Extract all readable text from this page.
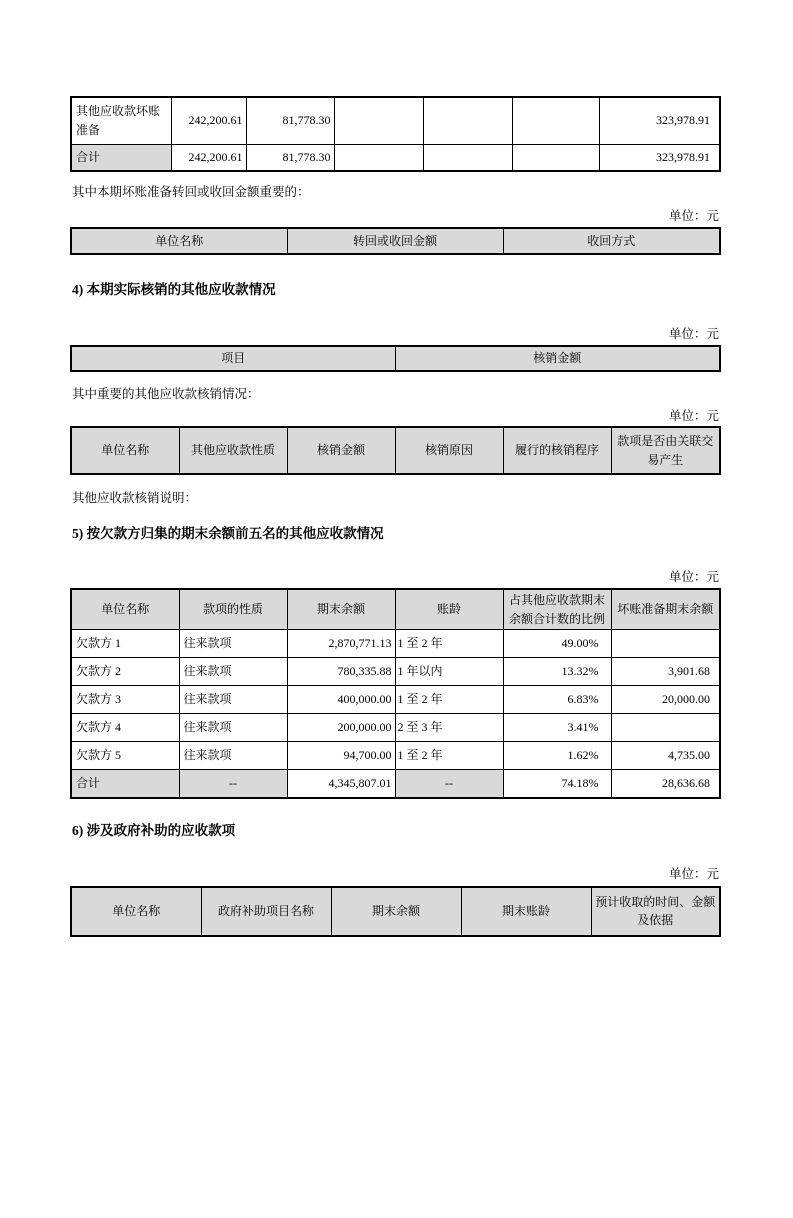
其他应收款坏账准备	242,200.61	81,778.30				323,978.91
合计	242,200.61	81,778.30				323,978.91

其中本期坏账准备转回或收回金额重要的：

单位：元

单位名称	转回或收回金额	收回方式

4) 本期实际核销的其他应收款情况

单位：元

项目	核销金额

其中重要的其他应收款核销情况：

单位：元

单位名称	其他应收款性质	核销金额	核销原因	履行的核销程序	款项是否由关联交易产生

其他应收款核销说明：

5) 按欠款方归集的期末余额前五名的其他应收款情况

单位：元

单位名称	款项的性质	期末余额	账龄	占其他应收款期末余额合计数的比例	坏账准备期末余额
欠款方 1	往来款项	2,870,771.13	1 至 2 年	49.00%	
欠款方 2	往来款项	780,335.88	1 年以内	13.32%	3,901.68
欠款方 3	往来款项	400,000.00	1 至 2 年	6.83%	20,000.00
欠款方 4	往来款项	200,000.00	2 至 3 年	3.41%	
欠款方 5	往来款项	94,700.00	1 至 2 年	1.62%	4,735.00
合计	--	4,345,807.01	--	74.18%	28,636.68

6) 涉及政府补助的应收款项

单位：元

单位名称	政府补助项目名称	期末余额	期末账龄	预计收取的时间、金额及依据
